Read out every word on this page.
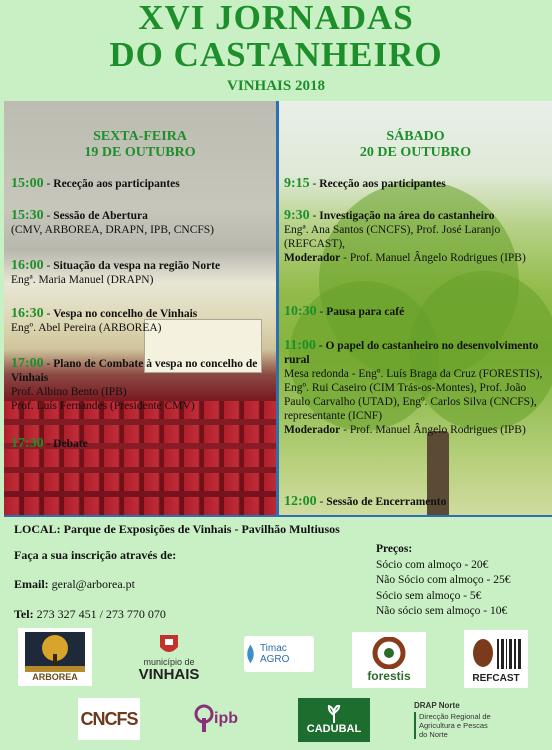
XVI JORNADAS
DO CASTANHEIRO
VINHAIS 2018
SEXTA-FEIRA
19 DE OUTUBRO
15:00 - Receção aos participantes
15:30 - Sessão de Abertura
(CMV, ARBOREA, DRAPN, IPB, CNCFS)
16:00 - Situação da vespa na região Norte
Engª. Maria Manuel (DRAPN)
16:30 - Vespa no concelho de Vinhais
Engº. Abel Pereira (ARBOREA)
17:00 - Plano de Combate à vespa no concelho de Vinhais
Prof. Albino Bento (IPB)
Prof. Luís Fernandes (Presidente CMV)
17:30 - Debate
SÁBADO
20 DE OUTUBRO
9:15 - Receção aos participantes
9:30 - Investigação na área do castanheiro
Engª. Ana Santos (CNCFS), Prof. José Laranjo (REFCAST),
Moderador - Prof. Manuel Ângelo Rodrigues (IPB)
10:30 - Pausa para café
11:00 - O papel do castanheiro no desenvolvimento rural
Mesa redonda - Engº. Luís Braga da Cruz (FORESTIS), Engº. Rui Caseiro (CIM Trás-os-Montes), Prof. João Paulo Carvalho (UTAD), Engº. Carlos Silva (CNCFS), representante (ICNF)
Moderador - Prof. Manuel Ângelo Rodrigues (IPB)
12:00 - Sessão de Encerramento
LOCAL: Parque de Exposições de Vinhais - Pavilhão Multiusos
Faça a sua inscrição através de:
Email: geral@arborea.pt
Tel: 273 327 451 / 273 770 070
Preços:
Sócio com almoço - 20€
Não Sócio com almoço - 25€
Sócio sem almoço - 5€
Não sócio sem almoço - 10€
ARBOREA
município de
VINHAIS
Timac AGRO
forestis	REFCAST
CNCFS	ipb
CADUBAL
DRAP Norte
Direcção Regional de Agricultura e Pescas do Norte
